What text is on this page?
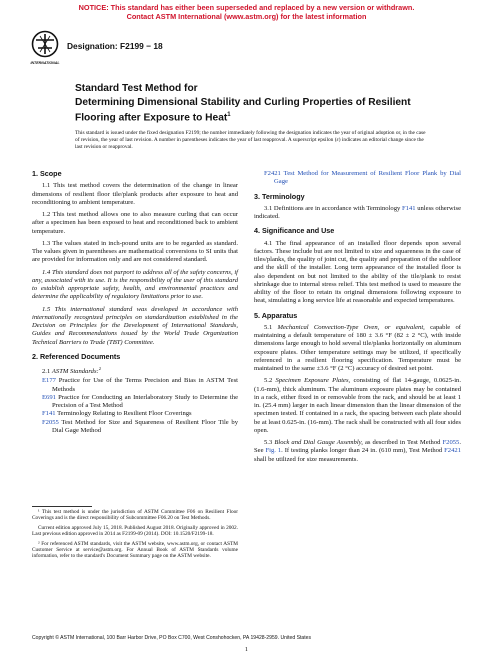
NOTICE: This standard has either been superseded and replaced by a new version or withdrawn.
Contact ASTM International (www.astm.org) for the latest information
INTERNATIONAL
Designation: F2199 − 18
Standard Test Method for
Determining Dimensional Stability and Curling Properties of Resilient Flooring after Exposure to Heat$^1$
This standard is issued under the fixed designation F2199; the number immediately following the designation indicates the year of original adoption or, in the case of revision, the year of last revision. A number in parentheses indicates the year of last reapproval. A superscript epsilon (ε) indicates an editorial change since the last revision or reapproval.
1. Scope

1.1 This test method covers the determination of the change in linear dimensions of resilient floor tile/plank products after exposure to heat and reconditioning to ambient temperature.

1.2 This test method allows one to also measure curling that can occur after a specimen has been exposed to heat and reconditioned back to ambient temperature.

1.3 The values stated in inch-pound units are to be regarded as standard. The values given in parentheses are mathematical conversions to SI units that are provided for information only and are not considered standard.

1.4 This standard does not purport to address all of the safety concerns, if any, associated with its use. It is the responsibility of the user of this standard to establish appropriate safety, health, and environmental practices and determine the applicability of regulatory limitations prior to use.

1.5 This international standard was developed in accordance with internationally recognized principles on standardization established in the Decision on Principles for the Development of International Standards, Guides and Recommendations issued by the World Trade Organization Technical Barriers to Trade (TBT) Committee.

2. Referenced Documents

2.1 ASTM Standards:$^2$

E177 Practice for Use of the Terms Precision and Bias in ASTM Test Methods
E691 Practice for Conducting an Interlaboratory Study to Determine the Precision of a Test Method
F141 Terminology Relating to Resilient Floor Coverings
F2055 Test Method for Size and Squareness of Resilient Floor Tile by Dial Gage Method

¹ This test method is under the jurisdiction of ASTM Committee F06 on Resilient Floor Coverings and is the direct responsibility of Subcommittee F06.20 on Test Methods.

Current edition approved July 15, 2018. Published August 2018. Originally approved in 2002. Last previous edition approved in 2014 as F2199-09 (2014). DOI: 10.1520/F2199-18.

² For referenced ASTM standards, visit the ASTM website, www.astm.org, or contact ASTM Customer Service at service@astm.org. For Annual Book of ASTM Standards volume information, refer to the standard's Document Summary page on the ASTM website.

F2421 Test Method for Measurement of Resilient Floor Plank by Dial Gage
3. Terminology

3.1 Definitions are in accordance with Terminology F141 unless otherwise indicated.

4. Significance and Use

4.1 The final appearance of an installed floor depends upon several factors. These include but are not limited to size and squareness in the case of tiles/planks, the quality of joint cut, the quality and preparation of the subfloor and the skill of the installer. Long term appearance of the installed floor is also dependent on but not limited to the ability of the tile/plank to resist shrinkage due to internal stress relief. This test method is used to measure the ability of the floor to retain its original dimensions following exposure to heat, simulating a long service life at reasonable and expected temperatures.

5. Apparatus

5.1 Mechanical Convection-Type Oven, or equivalent, capable of maintaining a default temperature of 180 ± 3.6 °F (82 ± 2 °C), with inside dimensions large enough to hold several tile/planks horizontally on aluminum exposure plates. Other temperature settings may be utilized, if specifically referenced in a resilient flooring specification. Temperature must be maintained to the same ±3.6 °F (2 °C) accuracy of desired set point.

5.2 Specimen Exposure Plates, consisting of flat 14-gauge, 0.0625-in. (1.6-mm), thick aluminum. The aluminum exposure plates may be contained in a rack, either fixed in or removable from the rack, and should be at least 1 in. (25.4 mm) larger in each linear dimension than the linear dimension of the specimen tested. If contained in a rack, the spacing between each plate should be at least 0.625-in. (16-mm). The rack shall be constructed with all four sides open.

5.3 Block and Dial Gauge Assembly, as described in Test Method F2055. See Fig. 1. If testing planks longer than 24 in. (610 mm), Test Method F2421 shall be utilized for size measurements.

Copyright © ASTM International, 100 Barr Harbor Drive, PO Box C700, West Conshohocken, PA 19428-2959. United States
1
